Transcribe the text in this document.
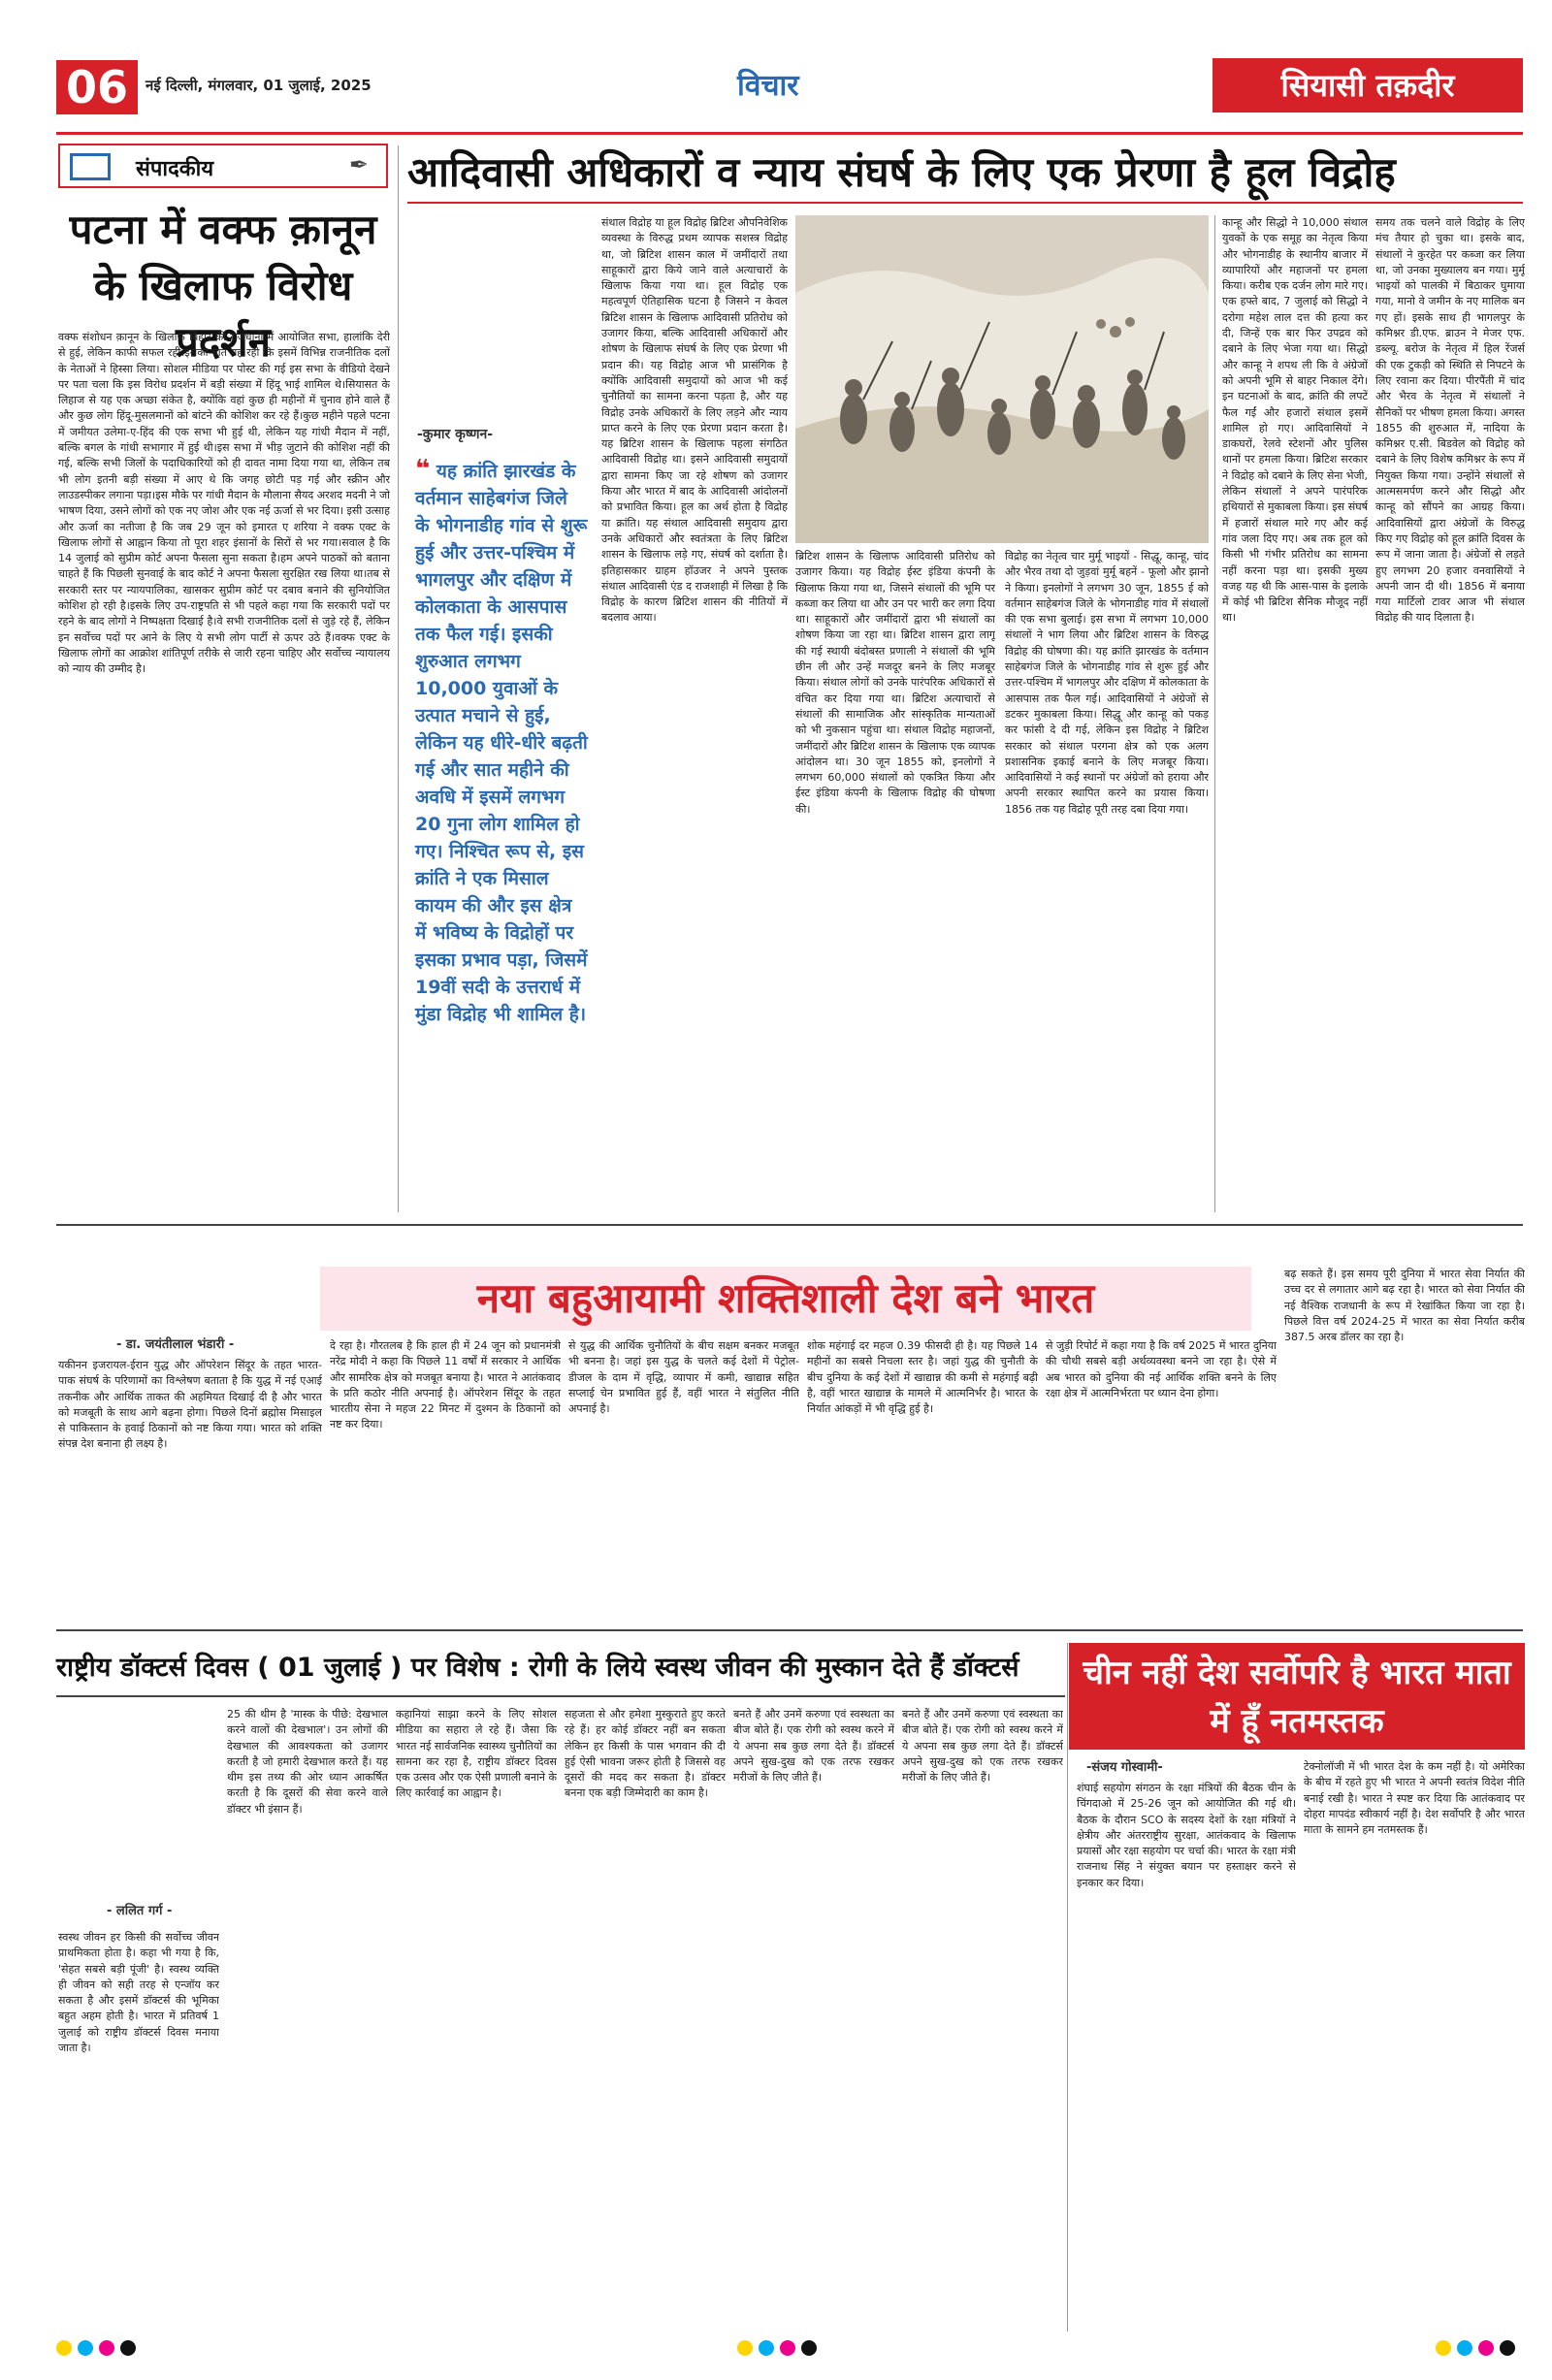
06	नई दिल्ली, मंगलवार, 01 जुलाई, 2025	विचार	सियासी तक़दीर
संपादकीय	✒
पटना में वक्फ क़ानून के खिलाफ विरोध प्रदर्शन
वक्फ संशोधन क़ानून के खिलाफ बिहार की राजधानी में आयोजित सभा, हालांकि देरी से हुई, लेकिन काफी सफल रही।इसका बात यह रही कि इसमें विभिन्न राजनीतिक दलों के नेताओं ने हिस्सा लिया। सोशल मीडिया पर पोस्ट की गई इस सभा के वीडियो देखने पर पता चला कि इस विरोध प्रदर्शन में बड़ी संख्या में हिंदू भाई शामिल थे।सियासत के लिहाज से यह एक अच्छा संकेत है, क्योंकि वहां कुछ ही महीनों में चुनाव होने वाले हैं और कुछ लोग हिंदू-मुसलमानों को बांटने की कोशिश कर रहे हैं।कुछ महीने पहले पटना में जमीयत उलेमा-ए-हिंद की एक सभा भी हुई थी, लेकिन यह गांधी मैदान में नहीं, बल्कि बगल के गांधी सभागार में हुई थी।इस सभा में भीड़ जुटाने की कोशिश नहीं की गई, बल्कि सभी जिलों के पदाधिकारियों को ही दावत नामा दिया गया था, लेकिन तब भी लोग इतनी बड़ी संख्या में आए थे कि जगह छोटी पड़ गई और स्क्रीन और लाउडस्पीकर लगाना पड़ा।इस मौके पर गांधी मैदान के मौलाना सैयद अरशद मदनी ने जो भाषण दिया, उसने लोगों को एक नए जोश और एक नई ऊर्जा से भर दिया। इसी उत्साह और ऊर्जा का नतीजा है कि जब 29 जून को इमारत ए शरिया ने वक्फ एक्ट के खिलाफ लोगों से आह्वान किया तो पूरा शहर इंसानों के सिरों से भर गया।सवाल है कि 14 जुलाई को सुप्रीम कोर्ट अपना फैसला सुना सकता है।हम अपने पाठकों को बताना चाहते हैं कि पिछली सुनवाई के बाद कोर्ट ने अपना फैसला सुरक्षित रख लिया था।तब से सरकारी स्तर पर न्यायपालिका, खासकर सुप्रीम कोर्ट पर दबाव बनाने की सुनियोजित कोशिश हो रही है।इसके लिए उप-राष्ट्रपति से भी पहले कहा गया कि सरकारी पदों पर रहने के बाद लोगों ने निष्पक्षता दिखाई है।वे सभी राजनीतिक दलों से जुड़े रहे हैं, लेकिन इन सर्वोच्च पदों पर आने के लिए ये सभी लोग पार्टी से ऊपर उठे हैं।वक्फ एक्ट के खिलाफ लोगों का आक्रोश शांतिपूर्ण तरीके से जारी रहना चाहिए और सर्वोच्च न्यायालय को न्याय की उम्मीद है।
आदिवासी अधिकारों व न्याय संघर्ष के लिए एक प्रेरणा है हूल विद्रोह
-कुमार कृष्णन-
❝ यह क्रांति झारखंड के वर्तमान साहेबगंज जिले के भोगनाडीह गांव से शुरू हुई और उत्तर-पश्चिम में भागलपुर और दक्षिण में कोलकाता के आसपास तक फैल गई। इसकी शुरुआत लगभग 10,000 युवाओं के उत्पात मचाने से हुई, लेकिन यह धीरे-धीरे बढ़ती गई और सात महीने की अवधि में इसमें लगभग 20 गुना लोग शामिल हो गए। निश्चित रूप से, इस क्रांति ने एक मिसाल कायम की और इस क्षेत्र में भविष्य के विद्रोहों पर इसका प्रभाव पड़ा, जिसमें 19वीं सदी के उत्तरार्ध में मुंडा विद्रोह भी शामिल है।
संथाल विद्रोह या हूल विद्रोह ब्रिटिश औपनिवेशिक व्यवस्था के विरुद्ध प्रथम व्यापक सशस्त्र विद्रोह था, जो ब्रिटिश शासन काल में जमींदारों तथा साहूकारों द्वारा किये जाने वाले अत्याचारों के खिलाफ किया गया था। हूल विद्रोह एक महत्वपूर्ण ऐतिहासिक घटना है जिसने न केवल ब्रिटिश शासन के खिलाफ आदिवासी प्रतिरोध को उजागर किया, बल्कि आदिवासी अधिकारों और शोषण के खिलाफ संघर्ष के लिए एक प्रेरणा भी प्रदान की। यह विद्रोह आज भी प्रासंगिक है क्योंकि आदिवासी समुदायों को आज भी कई चुनौतियों का सामना करना पड़ता है, और यह विद्रोह उनके अधिकारों के लिए लड़ने और न्याय प्राप्त करने के लिए एक प्रेरणा प्रदान करता है। यह ब्रिटिश शासन के खिलाफ पहला संगठित आदिवासी विद्रोह था। इसने आदिवासी समुदायों द्वारा सामना किए जा रहे शोषण को उजागर किया और भारत में बाद के आदिवासी आंदोलनों को प्रभावित किया। हूल का अर्थ होता है विद्रोह या क्रांति। यह संथाल आदिवासी समुदाय द्वारा उनके अधिकारों और स्वतंत्रता के लिए ब्रिटिश शासन के खिलाफ लड़े गए, संघर्ष को दर्शाता है। इतिहासकार ग्राहम हॉउजर ने अपने पुस्तक संथाल आदिवासी एंड द राजशाही में लिखा है कि विद्रोह के कारण ब्रिटिश शासन की नीतियों में बदलाव आया।
ब्रिटिश शासन के खिलाफ आदिवासी प्रतिरोध को उजागर किया। यह विद्रोह ईस्ट इंडिया कंपनी के खिलाफ किया गया था, जिसने संथालों की भूमि पर कब्जा कर लिया था और उन पर भारी कर लगा दिया था। साहूकारों और जमींदारों द्वारा भी संथालों का शोषण किया जा रहा था। ब्रिटिश शासन द्वारा लागू की गई स्थायी बंदोबस्त प्रणाली ने संथालों की भूमि छीन ली और उन्हें मजदूर बनने के लिए मजबूर किया। संथाल लोगों को उनके पारंपरिक अधिकारों से वंचित कर दिया गया था। ब्रिटिश अत्याचारों से संथालों की सामाजिक और सांस्कृतिक मान्यताओं को भी नुकसान पहुंचा था। संथाल विद्रोह महाजनों, जमींदारों और ब्रिटिश शासन के खिलाफ एक व्यापक आंदोलन था। 30 जून 1855 को, इनलोगों ने लगभग 60,000 संथालों को एकत्रित किया और ईस्ट इंडिया कंपनी के खिलाफ विद्रोह की घोषणा की।
विद्रोह का नेतृत्व चार मुर्मू भाइयों - सिद्धू, कान्हू, चांद और भैरव तथा दो जुड़वां मुर्मू बहनें - फूलो और झानो ने किया। इनलोगों ने लगभग 30 जून, 1855 ई को वर्तमान साहेबगंज जिले के भोगनाडीह गांव में संथालों की एक सभा बुलाई। इस सभा में लगभग 10,000 संथालों ने भाग लिया और ब्रिटिश शासन के विरुद्ध विद्रोह की घोषणा की। यह क्रांति झारखंड के वर्तमान साहेबगंज जिले के भोगनाडीह गांव से शुरू हुई और उत्तर-पश्चिम में भागलपुर और दक्षिण में कोलकाता के आसपास तक फैल गई। आदिवासियों ने अंग्रेजों से डटकर मुकाबला किया। सिद्धू और कान्हू को पकड़ कर फांसी दे दी गई, लेकिन इस विद्रोह ने ब्रिटिश सरकार को संथाल परगना क्षेत्र को एक अलग प्रशासनिक इकाई बनाने के लिए मजबूर किया। आदिवासियों ने कई स्थानों पर अंग्रेजों को हराया और अपनी सरकार स्थापित करने का प्रयास किया। 1856 तक यह विद्रोह पूरी तरह दबा दिया गया।
कान्हू और सिद्धो ने 10,000 संथाल युवकों के एक समूह का नेतृत्व किया और भोगनाडीह के स्थानीय बाजार में व्यापारियों और महाजनों पर हमला किया। करीब एक दर्जन लोग मारे गए। एक हफ्ते बाद, 7 जुलाई को सिद्धो ने दरोगा महेश लाल दत्त की हत्या कर दी, जिन्हें एक बार फिर उपद्रव को दबाने के लिए भेजा गया था। सिद्धो और कान्हू ने शपथ ली कि वे अंग्रेजों को अपनी भूमि से बाहर निकाल देंगे। इन घटनाओं के बाद, क्रांति की लपटें फैल गईं और हजारों संथाल इसमें शामिल हो गए। आदिवासियों ने डाकघरों, रेलवे स्टेशनों और पुलिस थानों पर हमला किया। ब्रिटिश सरकार ने विद्रोह को दबाने के लिए सेना भेजी, लेकिन संथालों ने अपने पारंपरिक हथियारों से मुकाबला किया। इस संघर्ष में हजारों संथाल मारे गए और कई गांव जला दिए गए। अब तक हूल को किसी भी गंभीर प्रतिरोध का सामना नहीं करना पड़ा था। इसकी मुख्य वजह यह थी कि आस-पास के इलाके में कोई भी ब्रिटिश सैनिक मौजूद नहीं था।
समय तक चलने वाले विद्रोह के लिए मंच तैयार हो चुका था। इसके बाद, संथालों ने कुरहेत पर कब्जा कर लिया था, जो उनका मुख्यालय बन गया। मुर्मू भाइयों को पालकी में बिठाकर घुमाया गया, मानो वे जमीन के नए मालिक बन गए हों। इसके साथ ही भागलपुर के कमिश्नर डी.एफ. ब्राउन ने मेजर एफ. डब्ल्यू. बरोज के नेतृत्व में हिल रेंजर्स की एक टुकड़ी को स्थिति से निपटने के लिए रवाना कर दिया। पीरपैंती में चांद और भैरव के नेतृत्व में संथालों ने सैनिकों पर भीषण हमला किया। अगस्त 1855 की शुरुआत में, नादिया के कमिश्नर ए.सी. बिडवेल को विद्रोह को दबाने के लिए विशेष कमिश्नर के रूप में नियुक्त किया गया। उन्होंने संथालों से आत्मसमर्पण करने और सिद्धो और कान्हू को सौंपने का आग्रह किया। आदिवासियों द्वारा अंग्रेजों के विरुद्ध किए गए विद्रोह को हूल क्रांति दिवस के रूप में जाना जाता है। अंग्रेजों से लड़ते हुए लगभग 20 हजार वनवासियों ने अपनी जान दी थी। 1856 में बनाया गया मार्टिलो टावर आज भी संथाल विद्रोह की याद दिलाता है।
नया बहुआयामी शक्तिशाली देश बने भारत
- डा. जयंतीलाल भंडारी -
यकीनन इजरायल-ईरान युद्ध और ऑपरेशन सिंदूर के तहत भारत-पाक संघर्ष के परिणामों का विश्लेषण बताता है कि युद्ध में नई एआई तकनीक और आर्थिक ताकत की अहमियत दिखाई दी है और भारत को मजबूती के साथ आगे बढ़ना होगा। पिछले दिनों ब्रह्मोस मिसाइल से पाकिस्तान के हवाई ठिकानों को नष्ट किया गया। भारत को शक्ति संपन्न देश बनाना ही लक्ष्य है।
दे रहा है। गौरतलब है कि हाल ही में 24 जून को प्रधानमंत्री नरेंद्र मोदी ने कहा कि पिछले 11 वर्षों में सरकार ने आर्थिक और सामरिक क्षेत्र को मजबूत बनाया है। भारत ने आतंकवाद के प्रति कठोर नीति अपनाई है। ऑपरेशन सिंदूर के तहत भारतीय सेना ने महज 22 मिनट में दुश्मन के ठिकानों को नष्ट कर दिया।
से युद्ध की आर्थिक चुनौतियों के बीच सक्षम बनकर मजबूत भी बनना है। जहां इस युद्ध के चलते कई देशों में पेट्रोल-डीजल के दाम में वृद्धि, व्यापार में कमी, खाद्यान्न सहित सप्लाई चेन प्रभावित हुई हैं, वहीं भारत ने संतुलित नीति अपनाई है।
शोक महंगाई दर महज 0.39 फीसदी ही है। यह पिछले 14 महीनों का सबसे निचला स्तर है। जहां युद्ध की चुनौती के बीच दुनिया के कई देशों में खाद्यान्न की कमी से महंगाई बढ़ी है, वहीं भारत खाद्यान्न के मामले में आत्मनिर्भर है। भारत के निर्यात आंकड़ों में भी वृद्धि हुई है।
से जुड़ी रिपोर्ट में कहा गया है कि वर्ष 2025 में भारत दुनिया की चौथी सबसे बड़ी अर्थव्यवस्था बनने जा रहा है। ऐसे में अब भारत को दुनिया की नई आर्थिक शक्ति बनने के लिए रक्षा क्षेत्र में आत्मनिर्भरता पर ध्यान देना होगा।
बढ़ सकते हैं। इस समय पूरी दुनिया में भारत सेवा निर्यात की उच्च दर से लगातार आगे बढ़ रहा है। भारत को सेवा निर्यात की नई वैश्विक राजधानी के रूप में रेखांकित किया जा रहा है। पिछले वित्त वर्ष 2024-25 में भारत का सेवा निर्यात करीब 387.5 अरब डॉलर का रहा है।
राष्ट्रीय डॉक्टर्स दिवस ( 01 जुलाई ) पर विशेष : रोगी के लिये स्वस्थ जीवन की मुस्कान देते हैं डॉक्टर्स
- ललित गर्ग -
स्वस्थ जीवन हर किसी की सर्वोच्च जीवन प्राथमिकता होता है। कहा भी गया है कि, 'सेहत सबसे बड़ी पूंजी' है। स्वस्थ व्यक्ति ही जीवन को सही तरह से एन्जॉय कर सकता है और इसमें डॉक्टर्स की भूमिका बहुत अहम होती है। भारत में प्रतिवर्ष 1 जुलाई को राष्ट्रीय डॉक्टर्स दिवस मनाया जाता है।
25 की थीम है 'मास्क के पीछे: देखभाल करने वालों की देखभाल'। उन लोगों की देखभाल की आवश्यकता को उजागर करती है जो हमारी देखभाल करते हैं। यह थीम इस तथ्य की ओर ध्यान आकर्षित करती है कि दूसरों की सेवा करने वाले डॉक्टर भी इंसान हैं।
कहानियां साझा करने के लिए सोशल मीडिया का सहारा ले रहे हैं। जैसा कि भारत नई सार्वजनिक स्वास्थ्य चुनौतियों का सामना कर रहा है, राष्ट्रीय डॉक्टर दिवस एक उत्सव और एक ऐसी प्रणाली बनाने के लिए कार्रवाई का आह्वान है।
सहजता से और हमेशा मुस्कुराते हुए करते रहे हैं। हर कोई डॉक्टर नहीं बन सकता लेकिन हर किसी के पास भगवान की दी हुई ऐसी भावना जरूर होती है जिससे वह दूसरों की मदद कर सकता है। डॉक्टर बनना एक बड़ी जिम्मेदारी का काम है।
बनते हैं और उनमें करुणा एवं स्वस्थता का बीज बोते हैं। एक रोगी को स्वस्थ करने में ये अपना सब कुछ लगा देते हैं। डॉक्टर्स अपने सुख-दुख को एक तरफ रखकर मरीजों के लिए जीते हैं।
बनते हैं और उनमें करुणा एवं स्वस्थता का बीज बोते हैं। एक रोगी को स्वस्थ करने में ये अपना सब कुछ लगा देते हैं। डॉक्टर्स अपने सुख-दुख को एक तरफ रखकर मरीजों के लिए जीते हैं।
चीन नहीं देश सर्वोपरि है भारत माता में हूँ नतमस्तक
-संजय गोस्वामी-
शंघाई सहयोग संगठन के रक्षा मंत्रियों की बैठक चीन के चिंगदाओ में 25-26 जून को आयोजित की गई थी। बैठक के दौरान SCO के सदस्य देशों के रक्षा मंत्रियों ने क्षेत्रीय और अंतरराष्ट्रीय सुरक्षा, आतंकवाद के खिलाफ प्रयासों और रक्षा सहयोग पर चर्चा की। भारत के रक्षा मंत्री राजनाथ सिंह ने संयुक्त बयान पर हस्ताक्षर करने से इनकार कर दिया।
टेक्नोलॉजी में भी भारत देश के कम नहीं है। यो अमेरिका के बीच में रहते हुए भी भारत ने अपनी स्वतंत्र विदेश नीति बनाई रखी है। भारत ने स्पष्ट कर दिया कि आतंकवाद पर दोहरा मापदंड स्वीकार्य नहीं है। देश सर्वोपरि है और भारत माता के सामने हम नतमस्तक हैं।
